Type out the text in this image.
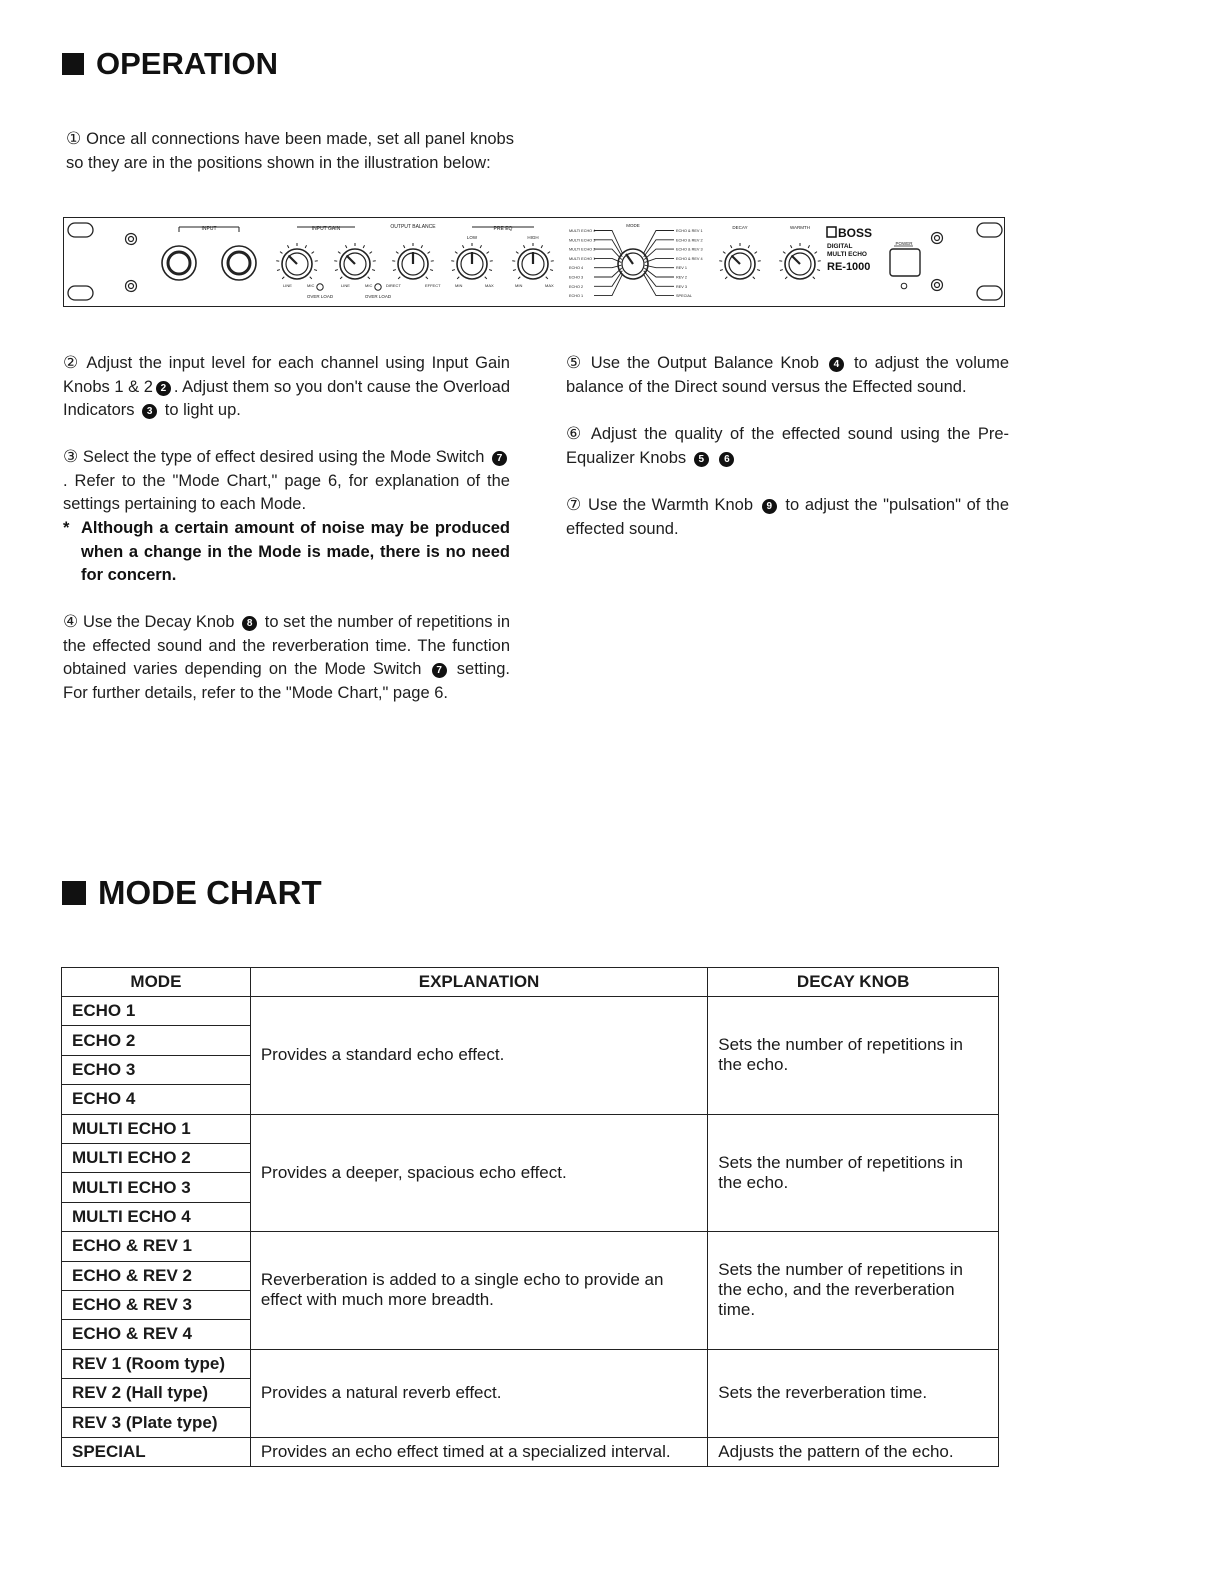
OPERATION
① Once all connections have been made, set all panel knobs so they are in the positions shown in the illustration below:
INPUT	INPUT GAIN	OUTPUT BALANCE	PRE EQ
LOW	HIGH
OVER LOAD	OVER LOAD
LINE	MIC	LINE	MIC	DIRECT	EFFECT	MIN	MAX	MIN	MAX
MODE
MULTI ECHO 4
MULTI ECHO 3
MULTI ECHO 2
MULTI ECHO 1
ECHO 4
ECHO 3
ECHO 2
ECHO 1
ECHO & REV 1
ECHO & REV 2
ECHO & REV 3
ECHO & REV 4
REV 1
REV 2
REV 3
SPECIAL
DECAY	WARMTH BOSS
DIGITAL
MULTI ECHO
RE-1000
POWER
② Adjust the input level for each channel using Input Gain Knobs 1 & 2 2 . Adjust them so you don't cause the Overload Indicators 3 to light up.
③ Select the type of effect desired using the Mode Switch 7. Refer to the "Mode Chart," page 6, for explanation of the settings pertaining to each Mode.
* Although a certain amount of noise may be produced when a change in the Mode is made, there is no need for concern.
④ Use the Decay Knob 8 to set the number of repetitions in the effected sound and the reverberation time. The function obtained varies depending on the Mode Switch 7 setting. For further details, refer to the "Mode Chart," page 6.
⑤ Use the Output Balance Knob 4 to adjust the volume balance of the Direct sound versus the Effected sound.
⑥ Adjust the quality of the effected sound using the Pre-Equalizer Knobs 5 6
⑦ Use the Warmth Knob 9 to adjust the "pulsation" of the effected sound.
MODE CHART
MODE	EXPLANATION	DECAY KNOB
ECHO 1	Provides a standard echo effect.	Sets the number of repetitions in the echo.
ECHO 2		
ECHO 3		
ECHO 4		
MULTI ECHO 1	Provides a deeper, spacious echo effect.	Sets the number of repetitions in the echo.
MULTI ECHO 2		
MULTI ECHO 3		
MULTI ECHO 4		
ECHO & REV 1	Reverberation is added to a single echo to provide an effect with much more breadth.	Sets the number of repetitions in the echo, and the reverberation time.
ECHO & REV 2		
ECHO & REV 3		
ECHO & REV 4		
REV 1 (Room type)	Provides a natural reverb effect.	Sets the reverberation time.
REV 2 (Hall type)		
REV 3 (Plate type)		
SPECIAL	Provides an echo effect timed at a specialized interval.	Adjusts the pattern of the echo.
